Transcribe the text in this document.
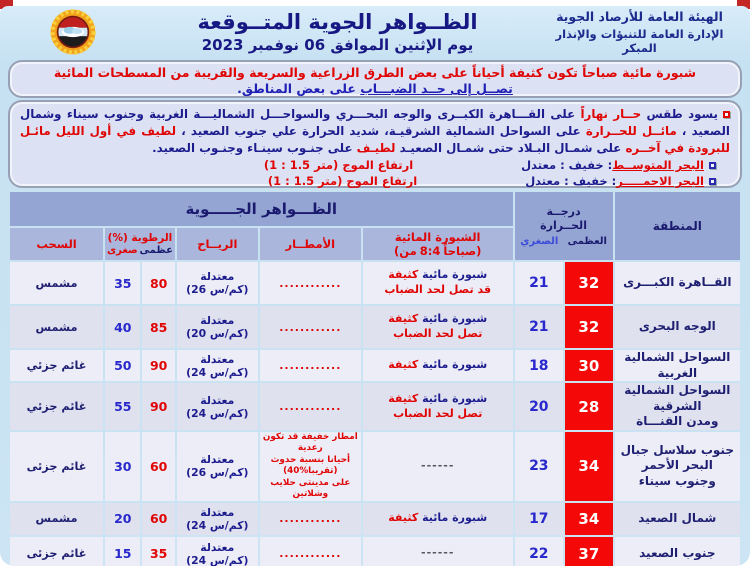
الهيئة العامة للأرصاد الجوية
الإدارة العامة للتنبؤات والإنذار المبكر
الظــواهر الجوية المتــوقعة
يوم الإثنين الموافق 06 نوفمبر 2023
شبورة مائية صباحاً تكون كثيفة أحياناً على بعض الطرق الزراعية والسريعة والقريبة من المسطحات المائية
تصــل إلى حــد الضبـــاب على بعض المناطق.
يسود طقس حــار نهاراً على القـــاهرة الكبــرى والوجه البحـــري والسواحـــل الشماليـــة الغربية وجنوب سيناء وشمال الصعيد ، مائــل للحــرارة على السواحل الشمالية الشرقيـة، شديد الحرارة علي جنوب الصعيد ، لطيف في أول الليل مائـل للبرودة في آخــره على شمـال البـلاد حتى شمـال الصعيـد لطيـف على جنـوب سينـاء وجنـوب الصعيد.
البحر المتوســط
: خفيف : معتدل
ارتفاع الموج (1 : 1.5 متر)
البحر الاحمـــــر
: خفيف : معتدل
ارتفاع الموج (1 : 1.5 متر)
المنطقة	درجــة
الحــرارة
العظمى
الصغري		الظـــواهر الجـــــوية					

الشبورة المائية
(من 8:4 صباحاً)
	الأمطــار	الريــاح	
الرطوبة (%)
عظمى
صغرى
	السحب

القــاهرة الكبـــرى	32	21	شبورة مائية كثيفة
قد تصل لحد الضباب	............	معتدلة (26 كم/س)	80	35	مشمس

الوجه البحرى	32	21	شبورة مائية كثيفة
تصل لحد الضباب	............	معتدلة (20 كم/س)	85	40	مشمس

السواحل الشمالية الغربية	30	18	شبورة مائية كثيفة	............	معتدلة (24 كم/س)	90	50	غائم جزئي

السواحل الشمالية الشرقية
ومدن القنـــاة
	28	20	
شبورة مائية كثيفة
تصل لحد الضباب
	............	معتدلة (24 كم/س)	90	55	غائم جزئي

جنوب سلاسل جبال البحر الأحمر
وجنوب سيناء
	34	23	------	
أمطار خفيفة قد تكون رعدية
أحيانا بنسبة حدوث
(40%تقريبا)
على مدينتى حلايب وشلاتين
	معتدلة (26 كم/س)	60	30	غائم جزئى

شمال الصعيد	34	17	شبورة مائية كثيفة	............	معتدلة (24 كم/س)	60	20	مشمس

جنوب الصعيد	37	22	------	............	معتدلة (24 كم/س)	35	15	غائم جزئى
